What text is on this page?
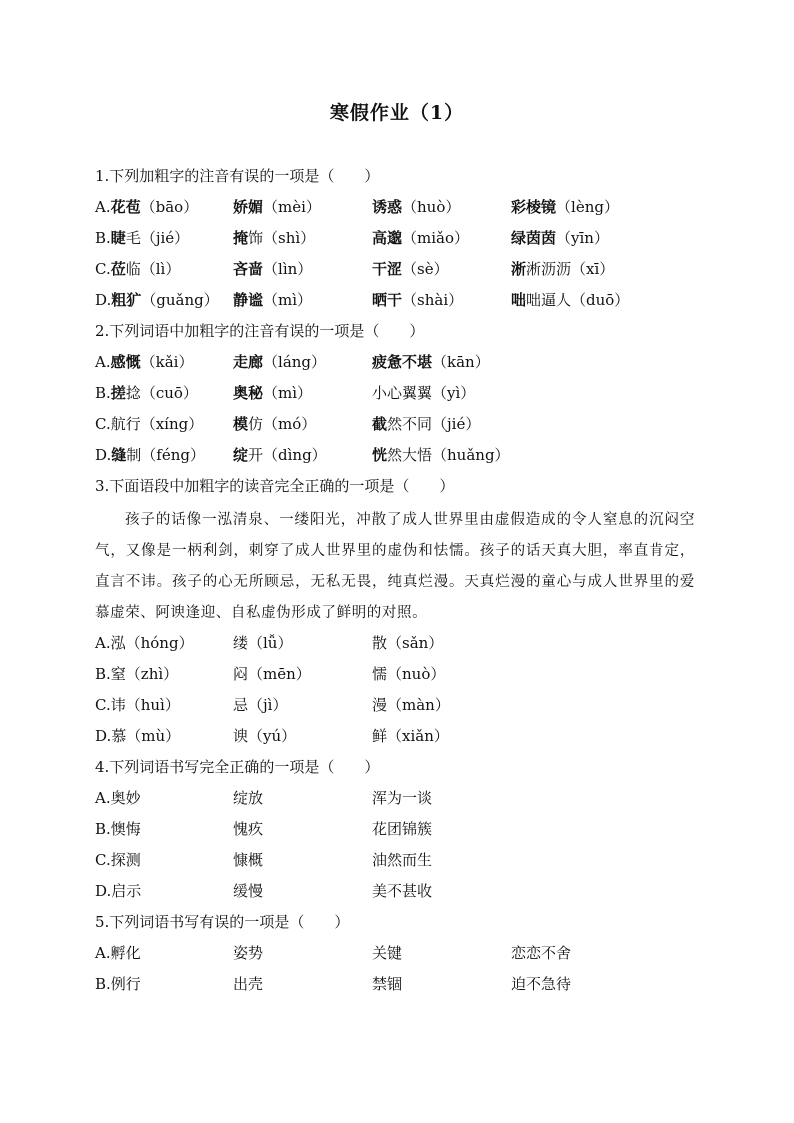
寒假作业（1）
1.下列加粗字的注音有误的一项是（　　）
A.花苞（bāo） 娇媚（mèi）	诱惑（huò）	彩棱镜（lèng）
B.睫毛（jié）	掩饰（shì）	高邈（miǎo）	绿茵茵（yīn）
C.莅临（lì）	吝啬（lìn）	干涩（sè）	淅淅沥沥（xī）
D.粗犷（guǎng） 静谧（mì）	晒干（shài）	咄咄逼人（duō）
2.下列词语中加粗字的注音有误的一项是（　　）
A.感慨（kǎi）	走廊（láng）	疲惫不堪（kān）
B.搓捻（cuō） 奥秘（mì）	小心翼翼（yì）
C.航行（xíng） 模仿（mó）	截然不同（jié）
D.缝制（féng） 绽开（dìng）	恍然大悟（huǎng）
3.下面语段中加粗字的读音完全正确的一项是（　　）
孩子的话像一泓清泉、一缕阳光，冲散了成人世界里由虚假造成的令人窒息的沉闷空气，又像是一柄利剑，刺穿了成人世界里的虚伪和怯懦。孩子的话天真大胆，率直肯定，直言不讳。孩子的心无所顾忌，无私无畏，纯真烂漫。天真烂漫的童心与成人世界里的爱慕虚荣、阿谀逢迎、自私虚伪形成了鲜明的对照。
A.泓（hóng）	缕（lǚ）	散（sǎn）
B.窒（zhì）	闷（mēn）	懦（nuò）
C.讳（huì）	忌（jì）	漫（màn）
D.慕（mù）	谀（yú）	鲜（xiǎn）
4.下列词语书写完全正确的一项是（　　）
A.奥妙	绽放	浑为一谈
B.懊悔	愧疚	花团锦簇
C.探测	慷概	油然而生
D.启示	缓慢	美不甚收
5.下列词语书写有误的一项是（　　）
A.孵化	姿势	关键	恋恋不舍
B.例行	出壳	禁锢	迫不急待
